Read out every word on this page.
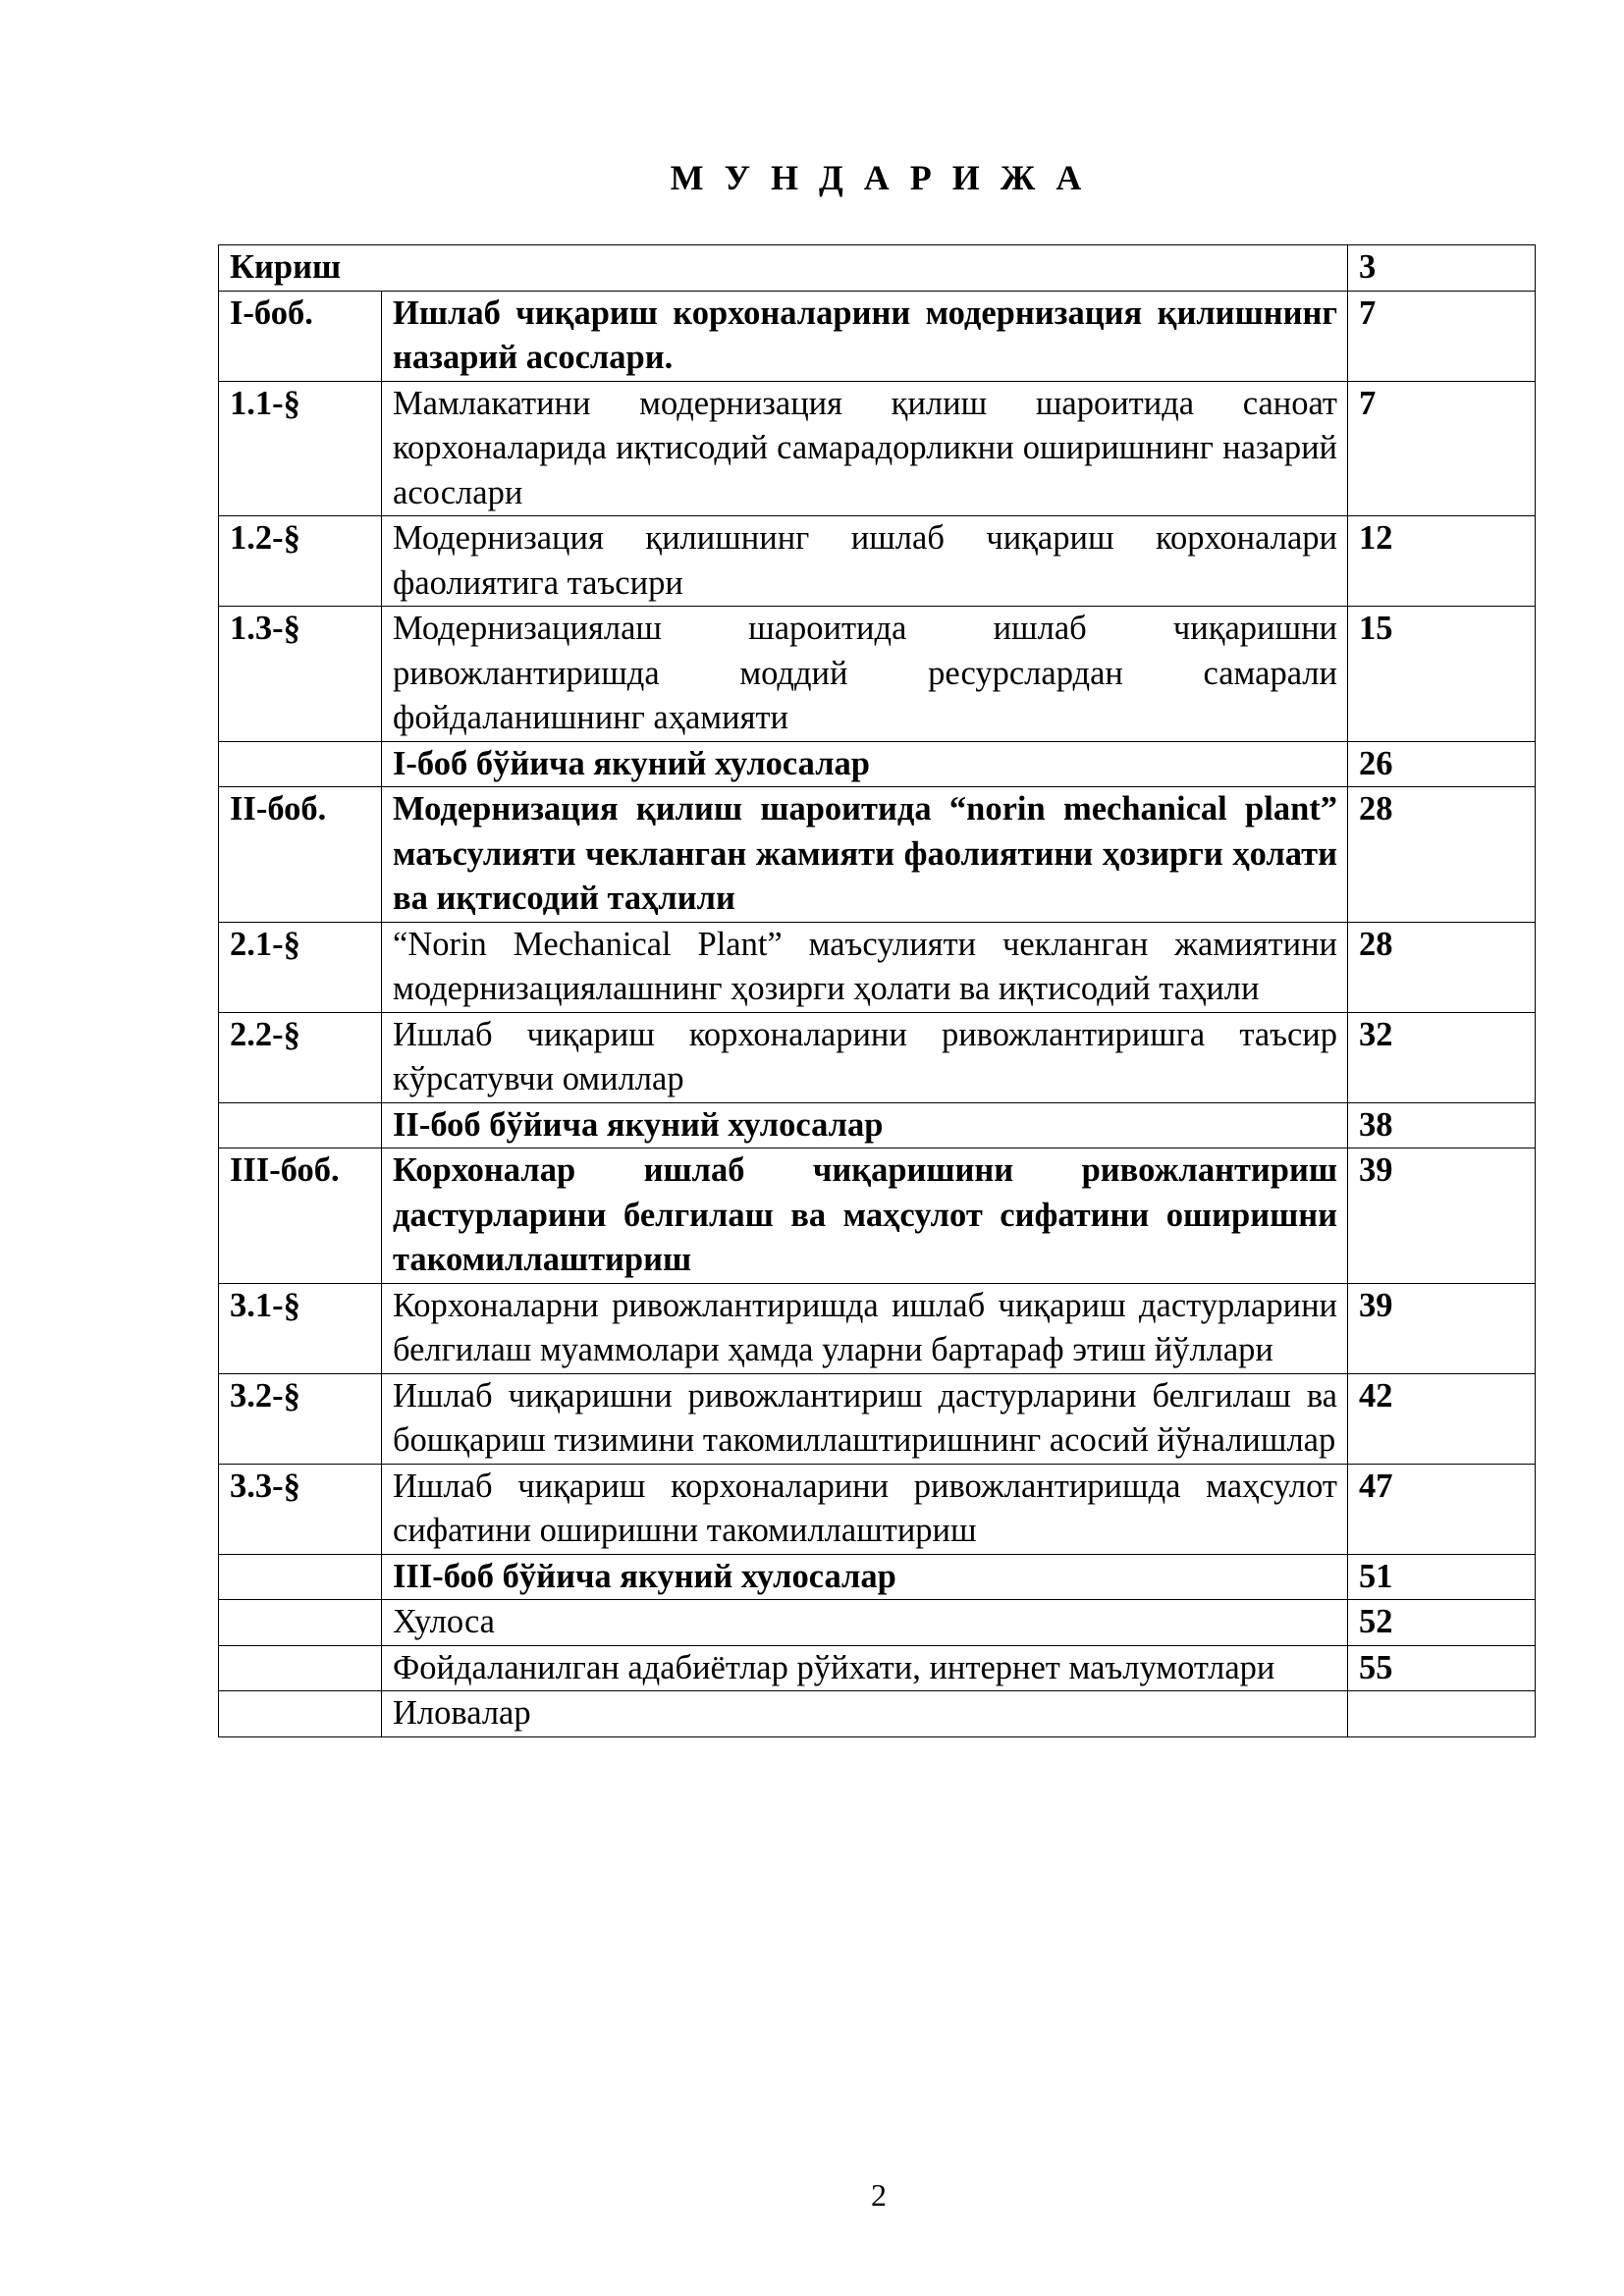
М У Н Д А Р И Ж А
Кириш		3
I-боб.	Ишлаб чиқариш корхоналарини модернизация қилишнинг назарий асослари.	7
1.1-§	Мамлакатини модернизация қилиш шароитида саноат корхоналарида иқтисодий самарадорликни оширишнинг назарий асослари	7
1.2-§	Модернизация қилишнинг ишлаб чиқариш корхоналари фаолиятига таъсири	12
1.3-§	Модернизациялаш шароитида ишлаб чиқаришни ривожлантиришда моддий ресурслардан самарали фойдаланишнинг аҳамияти	15
	I-боб бўйича якуний хулосалар	26
II-боб.	Модернизация қилиш шароитида “norin mechanical plant” маъсулияти чекланган жамияти фаолиятини ҳозирги ҳолати ва иқтисодий таҳлили	28
2.1-§	“Norin Mechanical Plant” маъсулияти чекланган жамиятини модернизациялашнинг ҳозирги ҳолати ва иқтисодий таҳили	28
2.2-§	Ишлаб чиқариш корхоналарини ривожлантиришга таъсир кўрсатувчи омиллар	32
	II-боб бўйича якуний хулосалар	38
III-боб.	Корхоналар ишлаб чиқаришини ривожлантириш дастурларини белгилаш ва маҳсулот сифатини оширишни такомиллаштириш	39
3.1-§	Корхоналарни ривожлантиришда ишлаб чиқариш дастурларини белгилаш муаммолари ҳамда уларни бартараф этиш йўллари	39
3.2-§	Ишлаб чиқаришни ривожлантириш дастурларини белгилаш ва бошқариш тизимини такомиллаштиришнинг асосий йўналишлар	42
3.3-§	Ишлаб чиқариш корхоналарини ривожлантиришда маҳсулот сифатини оширишни такомиллаштириш	47
	III-боб бўйича якуний хулосалар	51
	Хулоса	52
	Фойдаланилган адабиётлар рўйхати, интернет маълумотлари	55
	Иловалар	
2
